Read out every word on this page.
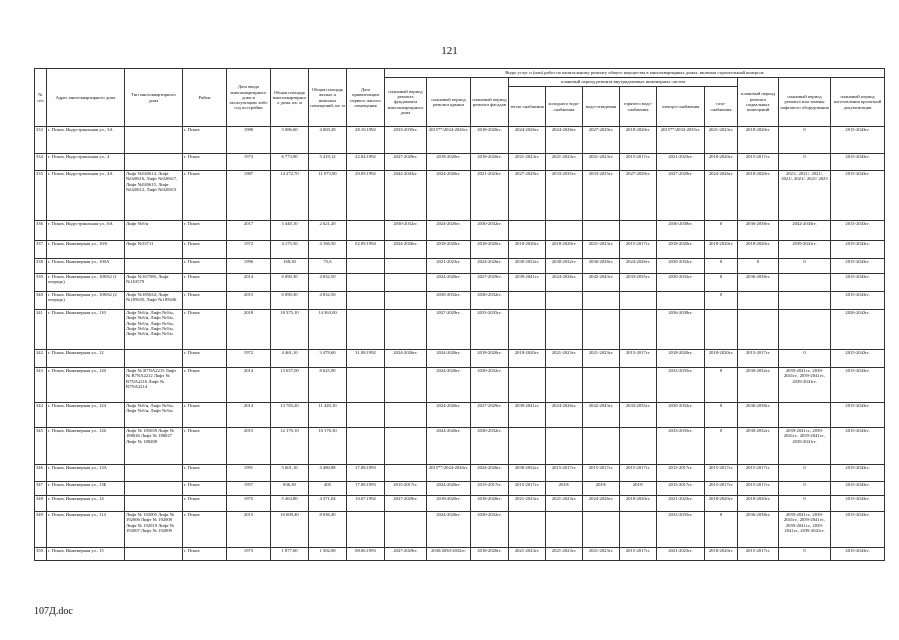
121
№ п/п	Адрес многоквартирного дома	Тип многоквартирного дома	Район	Дата ввода многоквартирного дома в эксплуатацию либо год постройки	Общая площадь многоквартирного дома, кв. м	Общая площадь жилых и нежилых помещений, кв. м	Дата приватизации первого жилого помещения	Виды услуг и (или) работ по капитальному ремонту общего имущества в многоквартирных домах, включая строительный контроль											
								плановый период ремонта фундамента многоквартирного дома	плановый период ремонта крыши	плановый период ремонта фасадов	плановый период ремонта внутридомовых инженерных систем						плановый период ремонта подвальных помещений	плановый период ремонта или замены лифтового оборудования	плановый период изготовления проектной документации
											тепло-снабжения	холодного водо-снабжения	водо-отведения	горячего водо-снабжения	электро-снабжения	газо-снабжения			
333	г. Псков, Индустриальная ул., 3А		г. Псков	1980	5 086,60	4 069,28	28.10.1992	2033-2035гг.	2015**/2024-2026гг.	2018-2020гг.	2024-2026гг.	2024-2026гг.	2027-2029гг.	2018-2020гг.	2015**/2033-2035гг.	2021-2023гг.	2018-2020гг.	0	2015-2043гг.
334	г. Псков, Индустриальная ул., 4		г. Псков	1973	6 773,90	5 419,12	22.04.1992	2027-2029гг.	2018-2020гг.	2018-2020гг.	2021-2023гг.	2021-2023гг.	2021-2023гг.	2015-2017гг.	2021-2023гг.	2018-2020гг.	2015-2017гг.	0	2015-2043гг.
335	г. Псков, Индустриальная ул., 4А	Лифт №020614, Лифт №020616, Лифт №020617, Лифт №020615, Лифт №020612, Лифт №020613	г. Псков	1987	14 272,70	11 073,90	29.09.1992	2042-2043гг.	2024-2026гг.	2021-2023гг.	2027-2029гг.	2033-2035гг.	2033-2035гг.	2027-2029гг.	2027-2029гг.	2024-2026гг.	2018-2020гг.	2021/, 2021/, 2021/, 2021/, 2021/, 2021/ 2023	2015-2043гг.
336	г. Псков, Индустриальная ул., 6А	Лифт №б/н	г. Псков	2017	3 440,10	2 621,20		2030-2032гг.	2024-2026гг.	2030-2032гг.					2036-2038гг.	0	2036-2038гг.	2042-2043гг.	2015-2043гг.
337	г. Псков, Инженерная ул., 10/6	Лифт №33711	г. Псков	1972	4 175,50	4 166,50	02.09.1994	2024-2026гг.	2018-2020гг.	2018-2020гг.	2018-2020гг.	2018-2020гг.	2021-2023гг.	2015-2017гг.	2018-2020гг.	2018-2020гг.	2018-2020гг.	2039-2041гг.	2015-2043гг.
338	г. Псков, Инженерная ул., 100А		г. Псков	1996	168,30	75,6			2021-2023гг.	2024-2026гг.	2030-2032гг.	2030-2032гг.	2036-2038гг.	2024-2026гг.	2030-2032гг.	0	0	0	2015-2043гг.
339	г. Псков, Инженерная ул., 108/62 (1 очередь)	Лифт №167580, Лифт №163579	г. Псков	2014	6 090,30	4 832,50			2024-2026гг.	2027-2029гг.	2039-2041гг.	2024-2026гг.	2042-2043гг.	2033-2035гг.	2030-2032гг.	0	2036-2038гг.		2015-2043гг.
340	г. Псков, Инженерная ул., 108/62 (2 очередь)	Лифт №185634, Лифт №185635, Лифт №185636	г. Псков	2015	6 090,30	4 832,50			2030-2032гг.	2030-2032гг.						0			2015-2043гг.
341	г. Псков, Инженерная ул., 110	Лифт №б/н, Лифт №б/н, Лифт №б/н, Лифт №б/н, Лифт №б/н, Лифт №б/н, Лифт №б/н, Лифт №б/н, Лифт №б/н, Лифт №б/н	г. Псков	2018	18 375,10	14 363,00			2027-2029гг.	2033-2035гг.					2036-2038гг.				2026-2043гг.
342	г. Псков, Инженерная ул., 12		г. Псков	1972	4 461,10	3 479,60	31.08.1992	2024-2026гг.	2024-2026гг.	2018-2020гг.	2018-2020гг.	2021-2023гг.	2021-2023гг.	2015-2017гг.	2018-2020гг.	2018-2020гг.	2015-2017гг.	0	2015-2043гг.
343	г. Псков, Инженерная ул., 120	Лифт № B7NA2215 Лифт № B7NA2212 Лифт № B7NA2216 Лифт № B7NA2214	г. Псков	2014	13 657,00	8 625,90			2024-2026гг.	2030-2032гг.					2033-2035гг.	0	2030-2032гг.	2039-2041гг., 2039-2041гг., 2039-2041гг., 2039-2041гг.	2015-2043гг.
344	г. Псков, Инженерная ул., 124	Лифт №б/н, Лифт №б/н, Лифт №б/н, Лифт №б/н	г. Псков	2014	13 783,20	11 420,10			2024-2026гг.	2027-2029гг.	2039-2041гг.	2024-2026гг.	2042-2043гг.	2033-2035гг.	2030-2032гг.	0	2036-2038гг.		2015-2043гг.
345	г. Псков, Инженерная ул., 126	Лифт № 185639 Лифт № 188026 Лифт № 188027 Лифт № 188288	г. Псков	2015	12 170,10	10 170,30			2024-2026гг.	2030-2032гг.					2033-2035гг.	0	2030-2032гг.	2039-2041гг., 2039-2041гг., 2039-2041гг., 2039-2041гг.	2015-2043гг.
346	г. Псков, Инженерная ул., 13А		г. Псков	1991	5 601,10	4 480,88	17.08.1993		2015**/2024-2026гг.	2024-2026гг.	2030-2032гг.	2015-2017гг.	2015-2017гг.	2015-2017гг.	2015-2017гг.	2015-2017гг.	2015-2017гг.	0	2015-2043гг.
347	г. Псков, Инженерная ул., 13Б		г. Псков	1957	836,30	405	17.08.1993	2015-2017гг.	2024-2026гг.	2015-2017гг.	2015-2017гг.	2019/	2019/	2019/	2015-2017гг.	2015-2017гг.	2015-2017гг.	0	2015-2043гг.
348	г. Псков, Инженерная ул., 14		г. Псков	1975	5 463,80	4 371,04	10.07.1992	2027-2029гг.	2018-2020гг.	2018-2020гг.	2021-2023гг.	2021-2023гг.	2024-2026гг.	2018-2020гг.	2021-2023гг.	2018-2020гг.	2018-2020гг.	0	2015-2043гг.
349	г. Псков, Инженерная ул., 114	Лифт № 192005 Лифт № 192006 Лифт № 192008 Лифт № 192010 Лифт № 192007 Лифт № 192009	г. Псков	2015	10 609,40	8 036,40			2024-2026гг.	2030-2032гг.					2033-2035гг.	0	2036-2038гг.	2039-2041гг., 2039-2041гг., 2039-2041гг., 2039-2041гг., 2039-2041гг., 2039-2041гг.	2015-2043гг.
350	г. Псков, Инженерная ул., 15		г. Псков	1973	1 877,60	1 502,08	08.06.1993	2027-2029гг.	2030/2030-2032гг.	2018-2020гг.	2021-2023гг.	2021-2023гг.	2021-2023гг.	2015-2017гг.	2021-2023гг.	2018-2020гг.	2015-2017гг.	0	2015-2043гг.
107Д.doc
